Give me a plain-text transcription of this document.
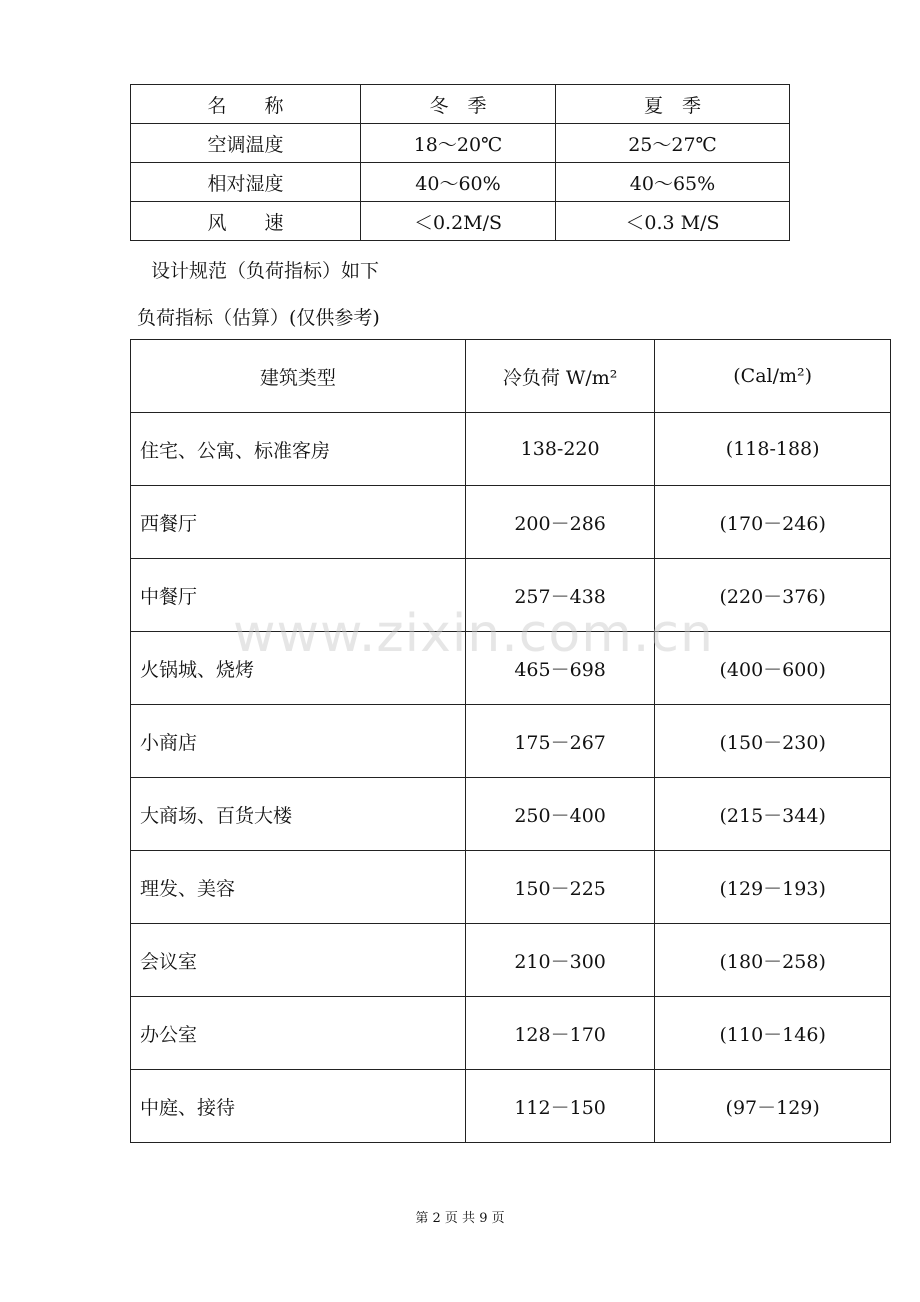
名　　称	冬　季	夏　季
空调温度	18～20℃	25～27℃
相对湿度	40～60%	40～65%
风　　速	＜0.2M/S	＜0.3 M/S
设计规范（负荷指标）如下
负荷指标（估算）(仅供参考)
建筑类型	冷负荷 W/m²	(Cal/m²)
住宅、公寓、标准客房	138-220	(118-188)
西餐厅	200－286	(170－246)
中餐厅	257－438	(220－376)
火锅城、烧烤	465－698	(400－600)
小商店	175－267	(150－230)
大商场、百货大楼	250－400	(215－344)
理发、美容	150－225	(129－193)
会议室	210－300	(180－258)
办公室	128－170	(110－146)
中庭、接待	112－150	(97－129)
www.zixin.com.cn
第 2 页 共 9 页
